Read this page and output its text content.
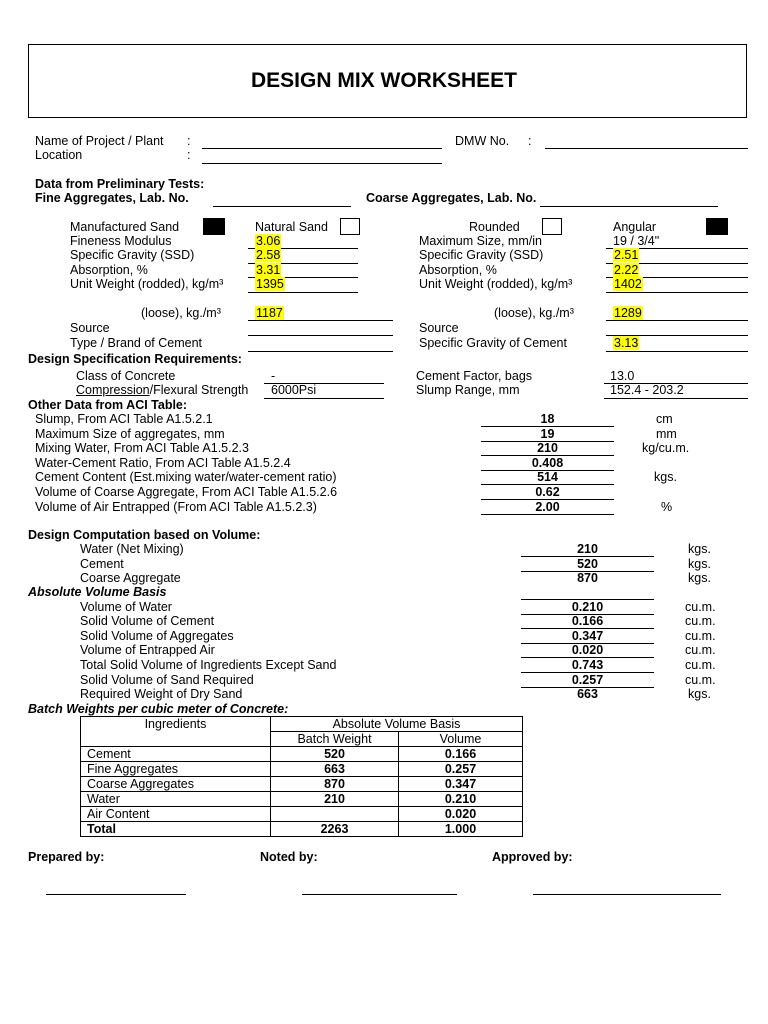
DESIGN MIX WORKSHEET
Name of Project / Plant :	DMW No. :
Location	:
Data from Preliminary Tests:
Fine Aggregates, Lab. No.	Coarse Aggregates, Lab. No.
Manufactured Sand	Natural Sand	Rounded	Angular
Fineness Modulus	3.06
Specific Gravity (SSD)	2.58
Absorption, %	3.31
Unit Weight (rodded), kg/m³	1395
(loose), kg./m³	1187
Source
Type / Brand of Cement
Maximum Size, mm/in	19 / 3/4"
Specific Gravity (SSD)	2.51
Absorption, %	2.22
Unit Weight (rodded), kg/m³	1402
(loose), kg./m³	1289
Source
Specific Gravity of Cement	3.13
Design Specification Requirements:
Class of Concrete	-
Compression/Flexural Strength 6000Psi
Cement Factor, bags	13.0
Slump Range, mm	152.4 - 203.2
Other Data from ACI Table:
Slump, From ACI Table A1.5.2.1	18	cm
Maximum Size of aggregates, mm	19	mm
Mixing Water, From ACI Table A1.5.2.3	210	kg/cu.m.
Water-Cement Ratio, From ACI Table A1.5.2.4	0.408
Cement Content (Est.mixing water/water-cement ratio)	514	kgs.
Volume of Coarse Aggregate, From ACI Table A1.5.2.6	0.62
Volume of Air Entrapped (From ACI Table A1.5.2.3)	2.00	%
Design Computation based on Volume:
Water (Net Mixing)	210	kgs.
Cement	520	kgs.
Coarse Aggregate	870	kgs.
Absolute Volume Basis
Volume of Water	0.210	cu.m.
Solid Volume of Cement	0.166	cu.m.
Solid Volume of Aggregates	0.347	cu.m.
Volume of Entrapped Air	0.020	cu.m.
Total Solid Volume of Ingredients Except Sand	0.743	cu.m.
Solid Volume of Sand Required	0.257	cu.m.
Required Weight of Dry Sand	663	kgs.
Batch Weights per cubic meter of Concrete:
Ingredients	Absolute Volume Basis	
	Batch Weight	Volume
Cement	520	0.166
Fine Aggregates	663	0.257
Coarse Aggregates	870	0.347
Water	210	0.210
Air Content		0.020
Total	2263	1.000
Prepared by:	Noted by:	Approved by:
